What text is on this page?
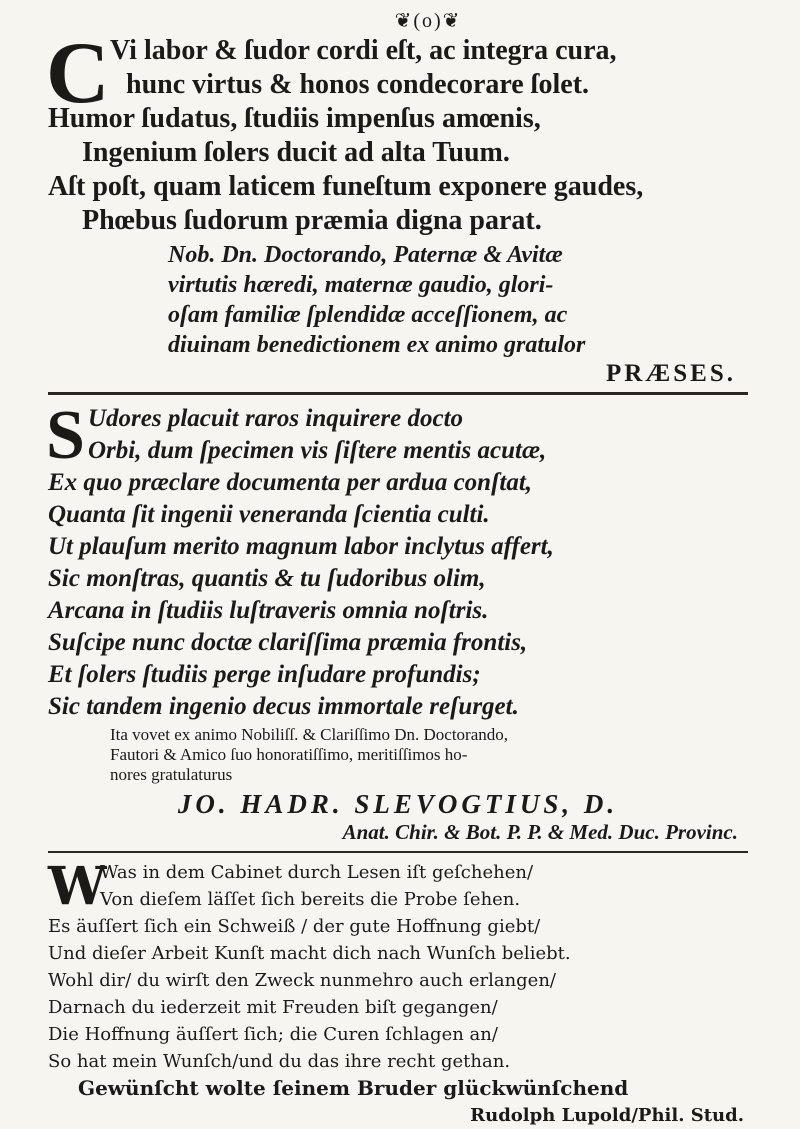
❦(o)❦
C Vi labor & ſudor cordi eſt, ac integra cura,
hunc virtus & honos condecorare ſolet.
Humor ſudatus, ſtudiis impenſus amœnis,
Ingenium ſolers ducit ad alta Tuum.
Aſt poſt, quam laticem funeſtum exponere gaudes,
Phœbus ſudorum præmia digna parat.
Nob. Dn. Doctorando, Paternæ & Avitæ
virtutis hæredi, maternæ gaudio, glori-
oſam familiæ ſplendidæ acceſſionem, ac
diuinam benedictionem ex animo gratulor
PRÆSES.
S Udores placuit raros inquirere docto
Orbi, dum ſpecimen vis ſiſtere mentis acutæ,
Ex quo præclare documenta per ardua conſtat,
Quanta ſit ingenii veneranda ſcientia culti.
Ut plauſum merito magnum labor inclytus affert,
Sic monſtras, quantis & tu ſudoribus olim,
Arcana in ſtudiis luſtraveris omnia noſtris.
Suſcipe nunc doctæ clariſſima præmia frontis,
Et ſolers ſtudiis perge inſudare profundis;
Sic tandem ingenio decus immortale reſurget.
Ita vovet ex animo Nobiliſſ. & Clariſſimo Dn. Doctorando,
Fautori & Amico ſuo honoratiſſimo, meritiſſimos ho-
nores gratulaturus
JO. HADR. SLEVOGTIUS, D.
Anat. Chir. & Bot. P. P. & Med. Duc. Provinc.
W
Was in dem Cabinet durch Lesen iſt geſchehen/
Von dieſem läſſet ſich bereits die Probe ſehen.
Es äuſſert ſich ein Schweiß / der gute Hoffnung giebt/
Und dieſer Arbeit Kunſt macht dich nach Wunſch beliebt.
Wohl dir/ du wirſt den Zweck nunmehro auch erlangen/
Darnach du iederzeit mit Freuden biſt gegangen/
Die Hoffnung äuſſert ſich; die Curen ſchlagen an/
So hat mein Wunſch/und du das ihre recht gethan.
Gewünſcht wolte ſeinem Bruder glückwünſchend
Rudolph Lupold/Phil. Stud.
